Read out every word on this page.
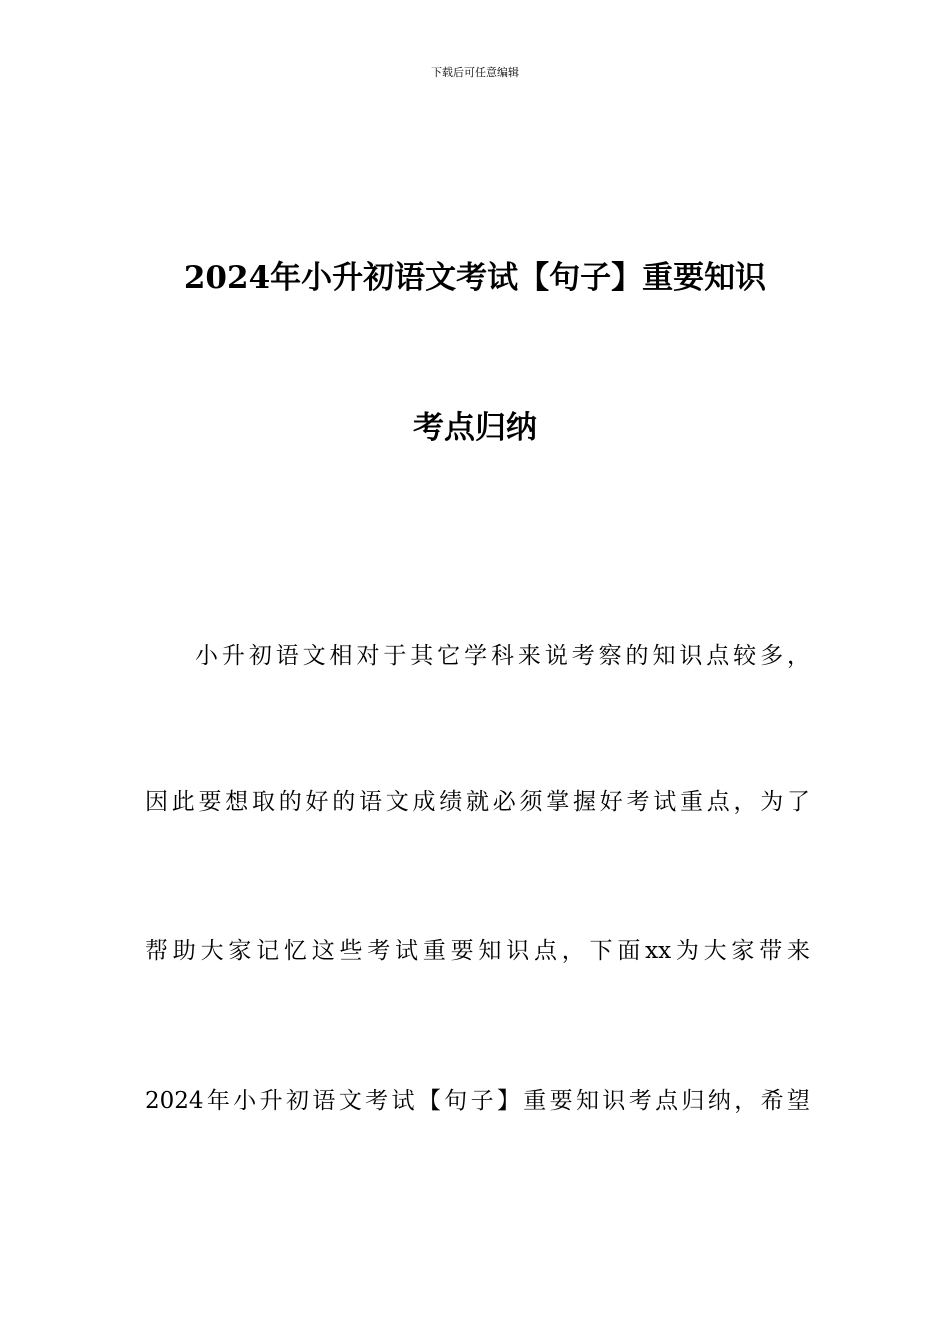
下载后可任意编辑
2024年小升初语文考试【句子】重要知识
考点归纳
小升初语文相对于其它学科来说考察的知识点较多，
因此要想取的好的语文成绩就必须掌握好考试重点，为了
帮助大家记忆这些考试重要知识点，下面xx为大家带来
2024年小升初语文考试【句子】重要知识考点归纳，希望
